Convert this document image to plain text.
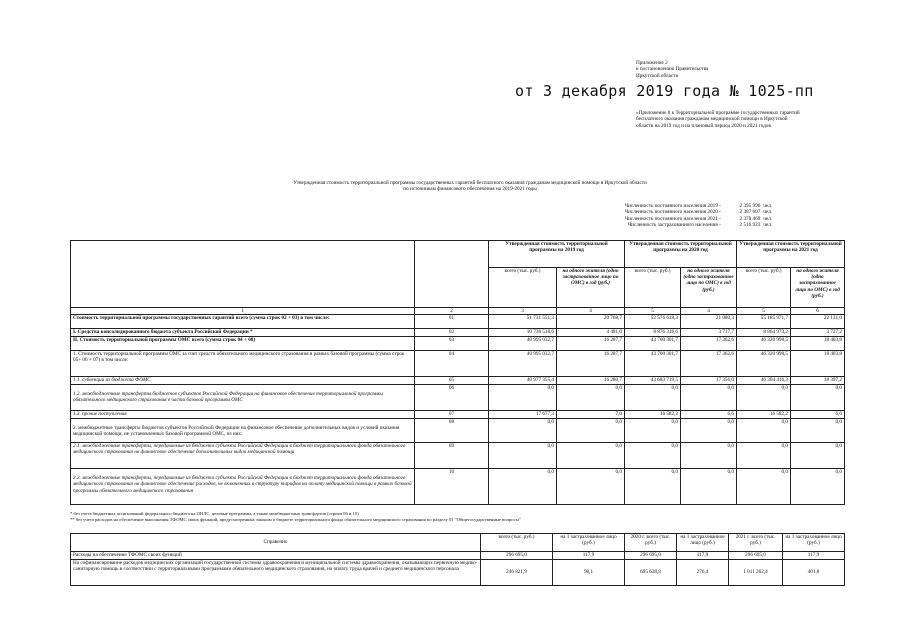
Приложение 2
к постановлению Правительства
Иркутской области
от 3 декабря 2019 года № 1025-пп
«Приложение 8 к Территориальной программе государственных гарантий
бесплатного оказания гражданам медицинской помощи в Иркутской
области на 2019 год и на плановый период 2020 и 2021 годов
Утвержденная стоимость территориальной программы государственных гарантий бесплатного оказания гражданам медицинской помощи в Иркутской области
по источникам финансового обеспечения на 2019-2021 годы
Численность постоянного населения 2019 -	2 395 996 чел.
Численность постоянного населения 2020 -	2 387 607 чел.
Численность постоянного населения 2021 -	2 378 469 чел.
Численность застрахованного населения -	2 516 923 чел.
		Утвержденная стоимость территориальной программы на 2019 год		Утвержденная стоимость территориальной программы на 2020 год		Утвержденная стоимость территориальной программы на 2021 год	
		всего (тыс. руб.)	на одного жителя (одно застрахованное лицо по ОМС) в год (руб.)	всего (тыс. руб.)	на одного жителя (одно застрахованное лицо по ОМС) в год (руб.)	всего (тыс. руб.)	на одного жителя (одно застрахованное лицо по ОМС) в год (руб.)
1	2	3	4	5	4	5	6
Стоимость территориальной программы государственных гарантий всего (сумма строк 02 + 03) в том числе:	01	51 731 551,3	20 768,7	52 576 618,3	21 080,3	55 185 971,7	22 131,0
I. Средства консолидированного бюджета субъекта Российской Федерации *	02	10 736 518,6	4 481,0	8 876 316,6	3 717,7	8 864 973,2	3 727,2
II. Стоимость территориальной программы ОМС всего (сумма строк 04 + 08)	03	40 995 032,7	16 287,7	43 700 301,7	17 362,6	46 320 998,5	18 403,8
1. Стоимость территориальной программы ОМС за счет средств обязательного медицинского страхования в рамках базовой программы (сумма строк 05+ 06 + 07) в том числе:	04	40 995 032,7	16 287,7	43 700 301,7	17 362,6	46 320 998,5	18 403,8
1.1. субвенции из бюджета ФОМС	05	40 977 355,4	16 280,7	43 683 719,5	17 356,0	46 304 416,3	18 397,2
1.2. межбюджетные трансферты бюджетов субъектов Российской Федерации на финансовое обеспечение территориальной программы обязательного медицинского страхования в части базовой программы ОМС	06	0,0	0,0	0,0	0,0	0,0	0,0
1.3. прочие поступления	07	17 677,3	7,0	16 582,2	6,6	16 582,2	6,6
2. межбюджетные трансферты бюджетов субъектов Российской Федерации на финансовое обеспечение дополнительных видов и условий оказания медицинской помощи, не установленных базовой программой ОМС, из них:	08	0,0	0,0	0,0	0,0	0,0	0,0
2.1. межбюджетные трансферты, передаваемые из бюджета субъекта Российской Федерации в бюджет территориального фонда обязательного медицинского страхования на финансовое обеспечение дополнительных видов медицинской помощи	09	0,0	0,0	0,0	0,0	0,0	0,0
2.2. межбюджетные трансферты, передаваемые из бюджета субъекта Российской Федерации в бюджет территориального фонда обязательного медицинского страхования на финансовое обеспечение расходов, не включенных в структуру тарифов на оплату медицинской помощи в рамках базовой программы обязательного медицинского страхования	10	0,0	0,0	0,0	0,0	0,0	0,0
* без учета бюджетных ассигнований федерального бюджета на ОНЛС, целевые программы, а также межбюджетных трансфертов (строки 06 и 10)
** без учета расходов на обеспечение выполнения ТФОМС своих функций, предусмотренных законом о бюджете территориального фонда обязательного медицинского страхования по разделу 01 "Общегосударственные вопросы"
Справочно	всего (тыс. руб.)	на 1 застрахованное лицо (руб.)	2020 г. всего (тыс. руб.)	на 1 застрахованное лицо (руб.)	2021 г. всего (тыс. руб.)	на 1 застрахованное лицо (руб.)
Расходы на обеспечение ТФОМС своих функций	296 695,0	117,9	296 695,0	117,9	296 695,0	117,9
На софинансирование расходов медицинских организаций государственной системы здравоохранения и муниципальной системы здравоохранения, оказывающих первичную медико-санитарную помощь в соответствии с территориальными программами обязательного медицинского страхования, на оплату труда врачей и среднего медицинского персонала	246 821,9	98,1	695 638,8	276,4	1 011 262,4	401,8
